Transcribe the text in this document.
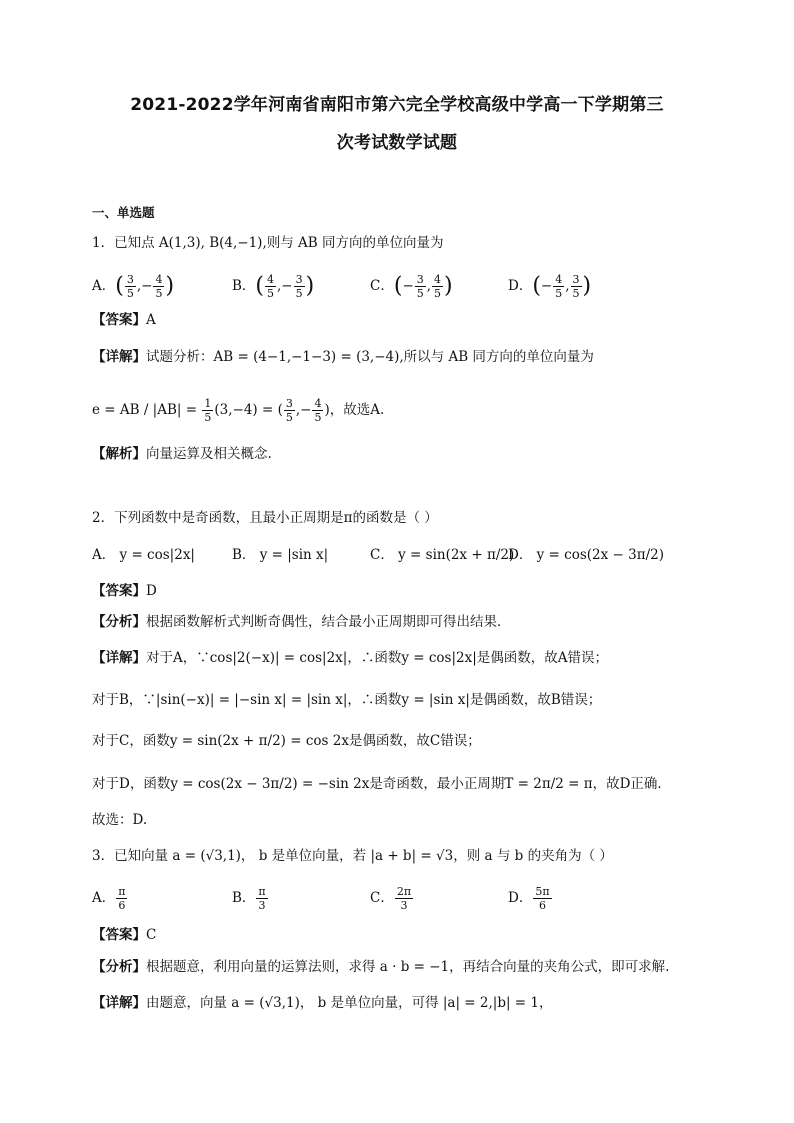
2021-2022学年河南省南阳市第六完全学校高级中学高一下学期第三
次考试数学试题
一、单选题
1．已知点 A(1,3), B(4,−1),则与 AB 同方向的单位向量为
A．( $\frac{3}{5}$ ,− $\frac{4}{5}$ )	B．( $\frac{4}{5}$ ,− $\frac{3}{5}$ )	C．(− $\frac{3}{5}$ , $\frac{4}{5}$ )	D．(− $\frac{4}{5}$ , $\frac{3}{5}$ )
【答案】A
【详解】试题分析：AB = (4−1,−1−3) = (3,−4),所以与 AB 同方向的单位向量为
e = AB / $|AB| = \frac{1}{5} (3,-4)$ = ( $\frac{3}{5}$ ,− $\frac{4}{5}$ )，故选A.
【解析】向量运算及相关概念.
2．下列函数中是奇函数，且最小正周期是π的函数是（ ）
A． y = cos|2x|	B． y = |sin x|	C． y = sin(2x + π/2)
D． y = cos(2x − 3π/2)
【答案】D
【分析】根据函数解析式判断奇偶性，结合最小正周期即可得出结果．
【详解】对于A，∵cos|2(−x)| = cos|2x|，∴函数y = cos|2x|是偶函数，故A错误；
对于B，∵|sin(−x)| = |−sin x| = |sin x|，∴函数y = |sin x|是偶函数，故B错误；
对于C，函数y = sin(2x + π/2) = cos 2x是偶函数，故C错误；
对于D，函数y = cos(2x − 3π/2) = −sin 2x是奇函数，最小正周期T = 2π/2 = π，故D正确．
故选：D.
3．已知向量 a = (√3,1)， b 是单位向量，若 |a + b| = √3，则 a 与 b 的夹角为（ ）
A． $\frac{\pi}{6}$	B． $\frac{\pi}{3}$	C． $\frac{2\pi}{3}$	D． $\frac{5\pi}{6}$
【答案】C
【分析】根据题意，利用向量的运算法则，求得 a · b = −1，再结合向量的夹角公式，即可求解.
【详解】由题意，向量 a = (√3,1)， b 是单位向量，可得 |a| = 2,|b| = 1，
